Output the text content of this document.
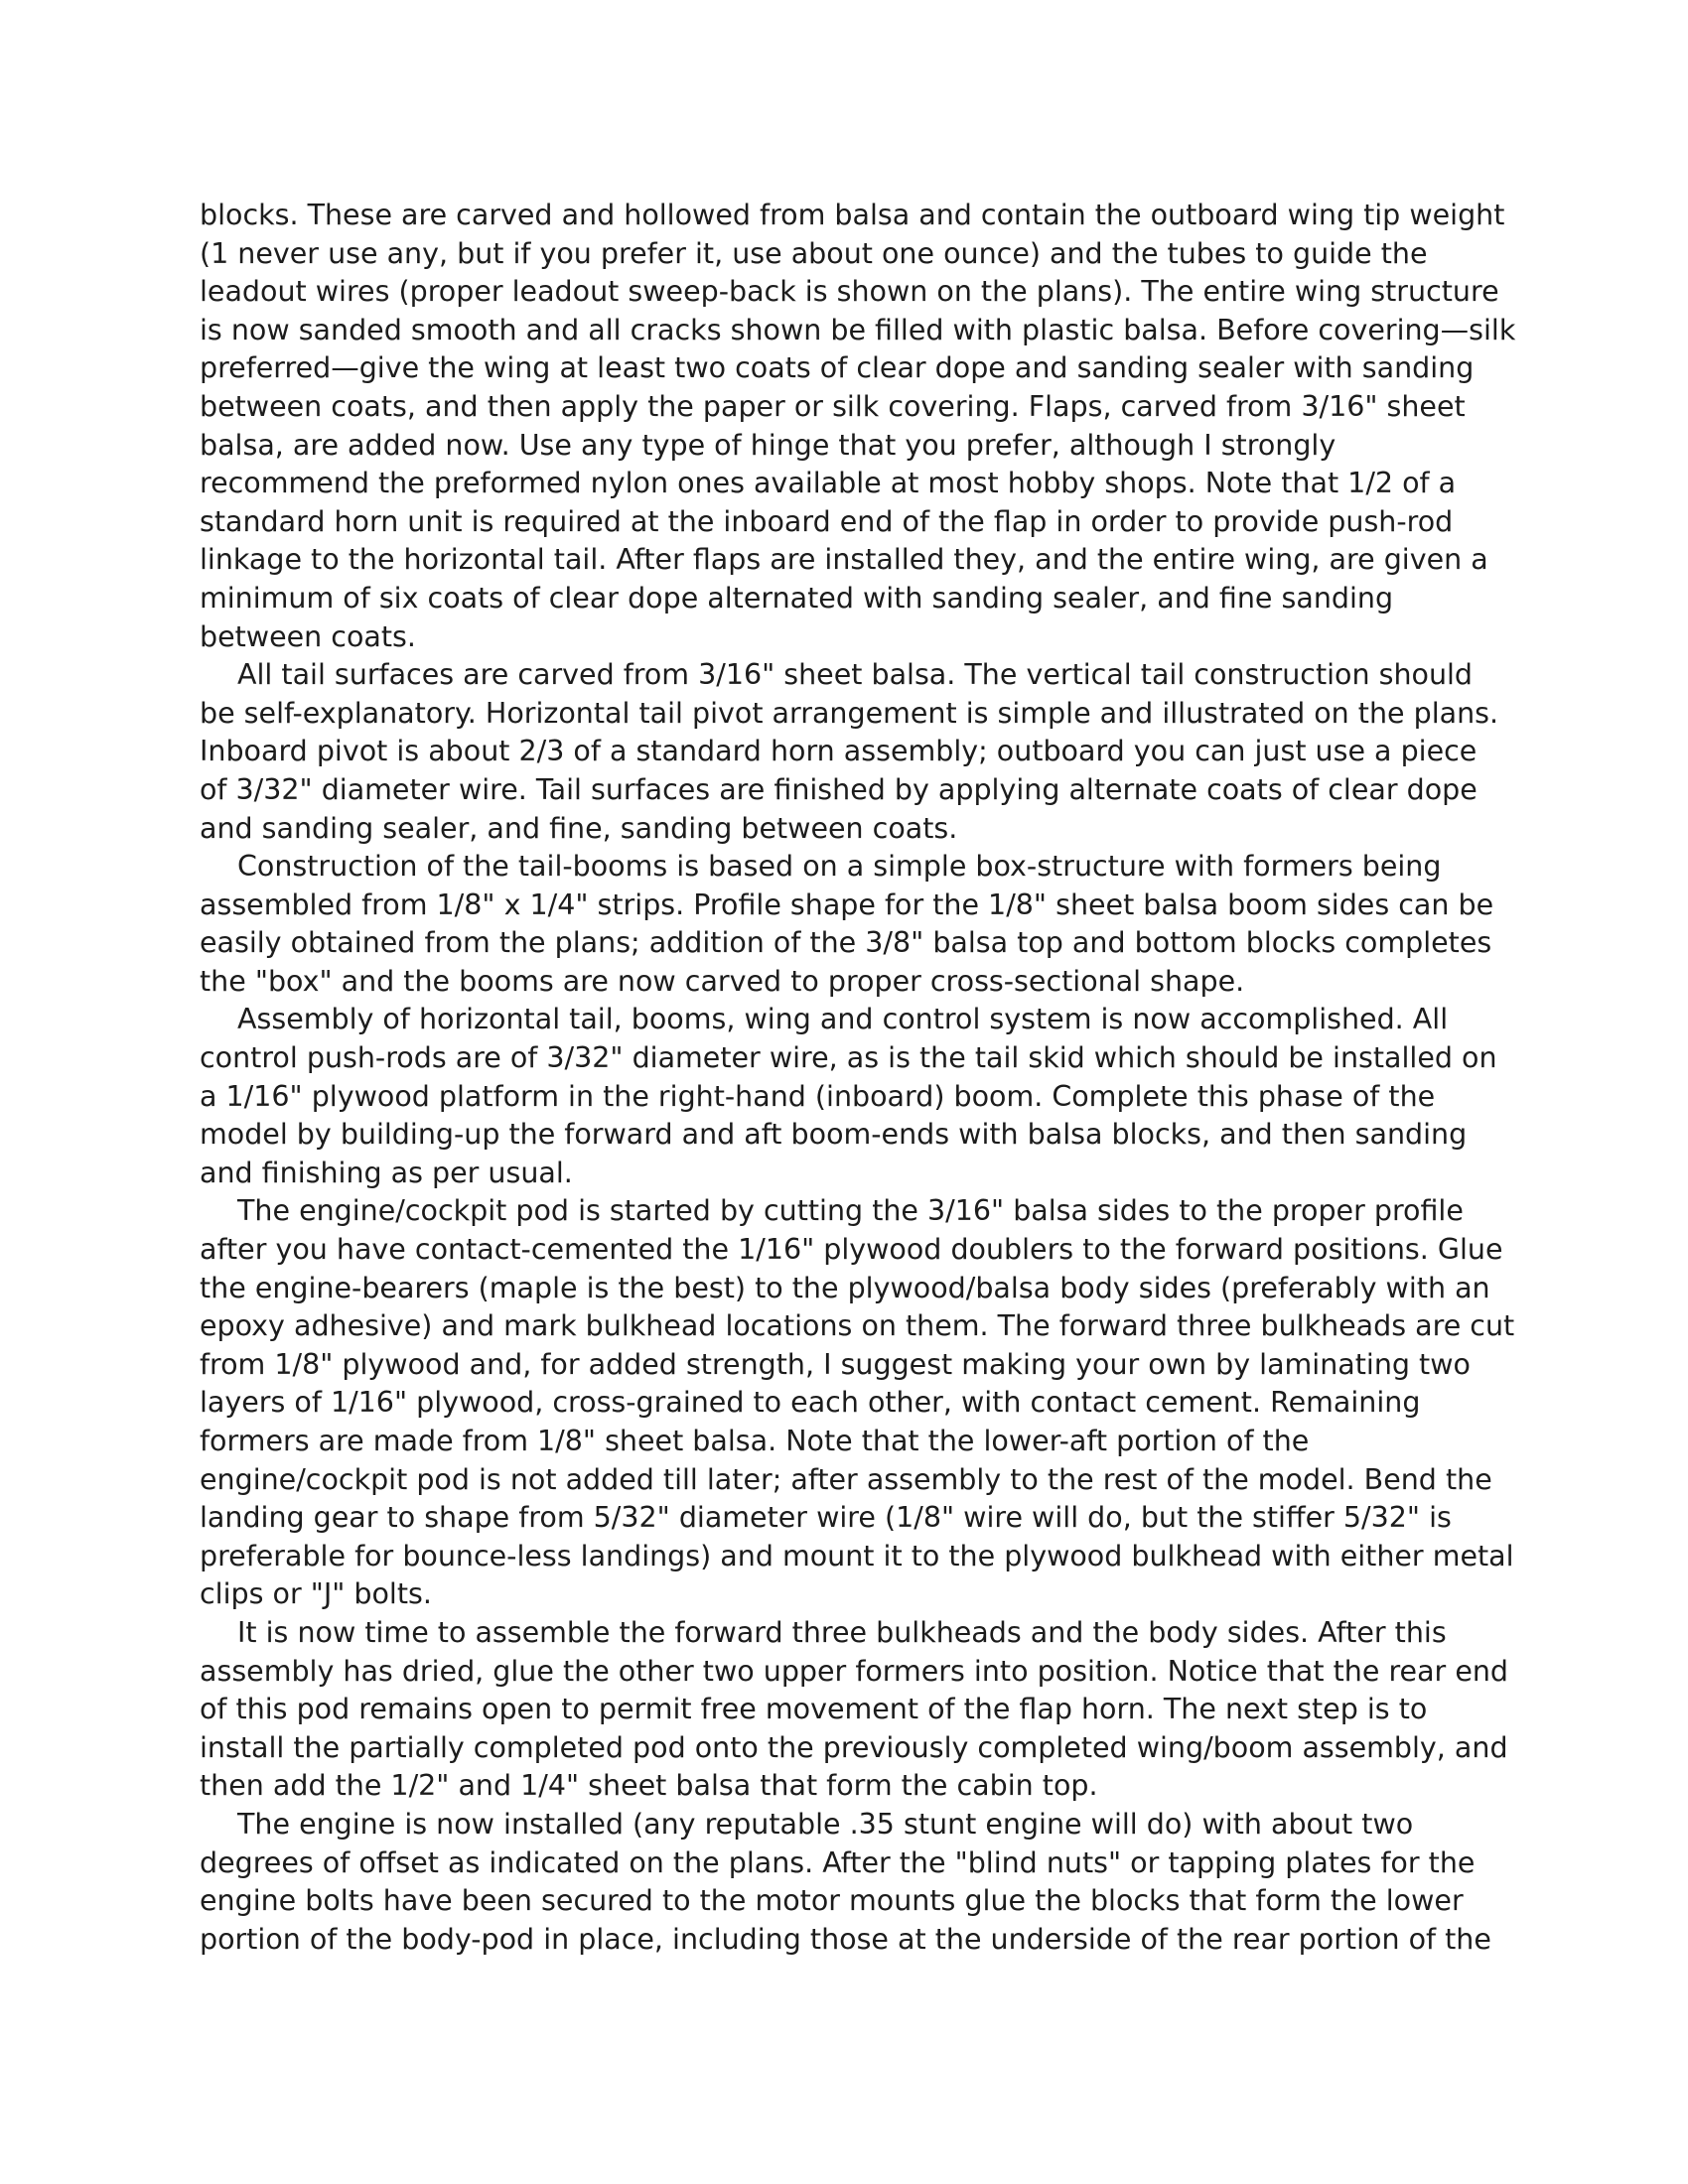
blocks. These are carved and hollowed from balsa and contain the outboard wing tip weight
(1 never use any, but if you prefer it, use about one ounce) and the tubes to guide the
leadout wires (proper leadout sweep-back is shown on the plans). The entire wing structure
is now sanded smooth and all cracks shown be filled with plastic balsa. Before covering—silk
preferred—give the wing at least two coats of clear dope and sanding sealer with sanding
between coats, and then apply the paper or silk covering. Flaps, carved from 3/16" sheet
balsa, are added now. Use any type of hinge that you prefer, although I strongly
recommend the preformed nylon ones available at most hobby shops. Note that 1/2 of a
standard horn unit is required at the inboard end of the flap in order to provide push-rod
linkage to the horizontal tail. After flaps are installed they, and the entire wing, are given a
minimum of six coats of clear dope alternated with sanding sealer, and fine sanding
between coats.
All tail surfaces are carved from 3/16" sheet balsa. The vertical tail construction should
be self-explanatory. Horizontal tail pivot arrangement is simple and illustrated on the plans.
Inboard pivot is about 2/3 of a standard horn assembly; outboard you can just use a piece
of 3/32" diameter wire. Tail surfaces are finished by applying alternate coats of clear dope
and sanding sealer, and fine, sanding between coats.
Construction of the tail-booms is based on a simple box-structure with formers being
assembled from 1/8" x 1/4" strips. Profile shape for the 1/8" sheet balsa boom sides can be
easily obtained from the plans; addition of the 3/8" balsa top and bottom blocks completes
the "box" and the booms are now carved to proper cross-sectional shape.
Assembly of horizontal tail, booms, wing and control system is now accomplished. All
control push-rods are of 3/32" diameter wire, as is the tail skid which should be installed on
a 1/16" plywood platform in the right-hand (inboard) boom. Complete this phase of the
model by building-up the forward and aft boom-ends with balsa blocks, and then sanding
and finishing as per usual.
The engine/cockpit pod is started by cutting the 3/16" balsa sides to the proper profile
after you have contact-cemented the 1/16" plywood doublers to the forward positions. Glue
the engine-bearers (maple is the best) to the plywood/balsa body sides (preferably with an
epoxy adhesive) and mark bulkhead locations on them. The forward three bulkheads are cut
from 1/8" plywood and, for added strength, I suggest making your own by laminating two
layers of 1/16" plywood, cross-grained to each other, with contact cement. Remaining
formers are made from 1/8" sheet balsa. Note that the lower-aft portion of the
engine/cockpit pod is not added till later; after assembly to the rest of the model. Bend the
landing gear to shape from 5/32" diameter wire (1/8" wire will do, but the stiffer 5/32" is
preferable for bounce-less landings) and mount it to the plywood bulkhead with either metal
clips or "J" bolts.
It is now time to assemble the forward three bulkheads and the body sides. After this
assembly has dried, glue the other two upper formers into position. Notice that the rear end
of this pod remains open to permit free movement of the flap horn. The next step is to
install the partially completed pod onto the previously completed wing/boom assembly, and
then add the 1/2" and 1/4" sheet balsa that form the cabin top.
The engine is now installed (any reputable .35 stunt engine will do) with about two
degrees of offset as indicated on the plans. After the "blind nuts" or tapping plates for the
engine bolts have been secured to the motor mounts glue the blocks that form the lower
portion of the body-pod in place, including those at the underside of the rear portion of the
